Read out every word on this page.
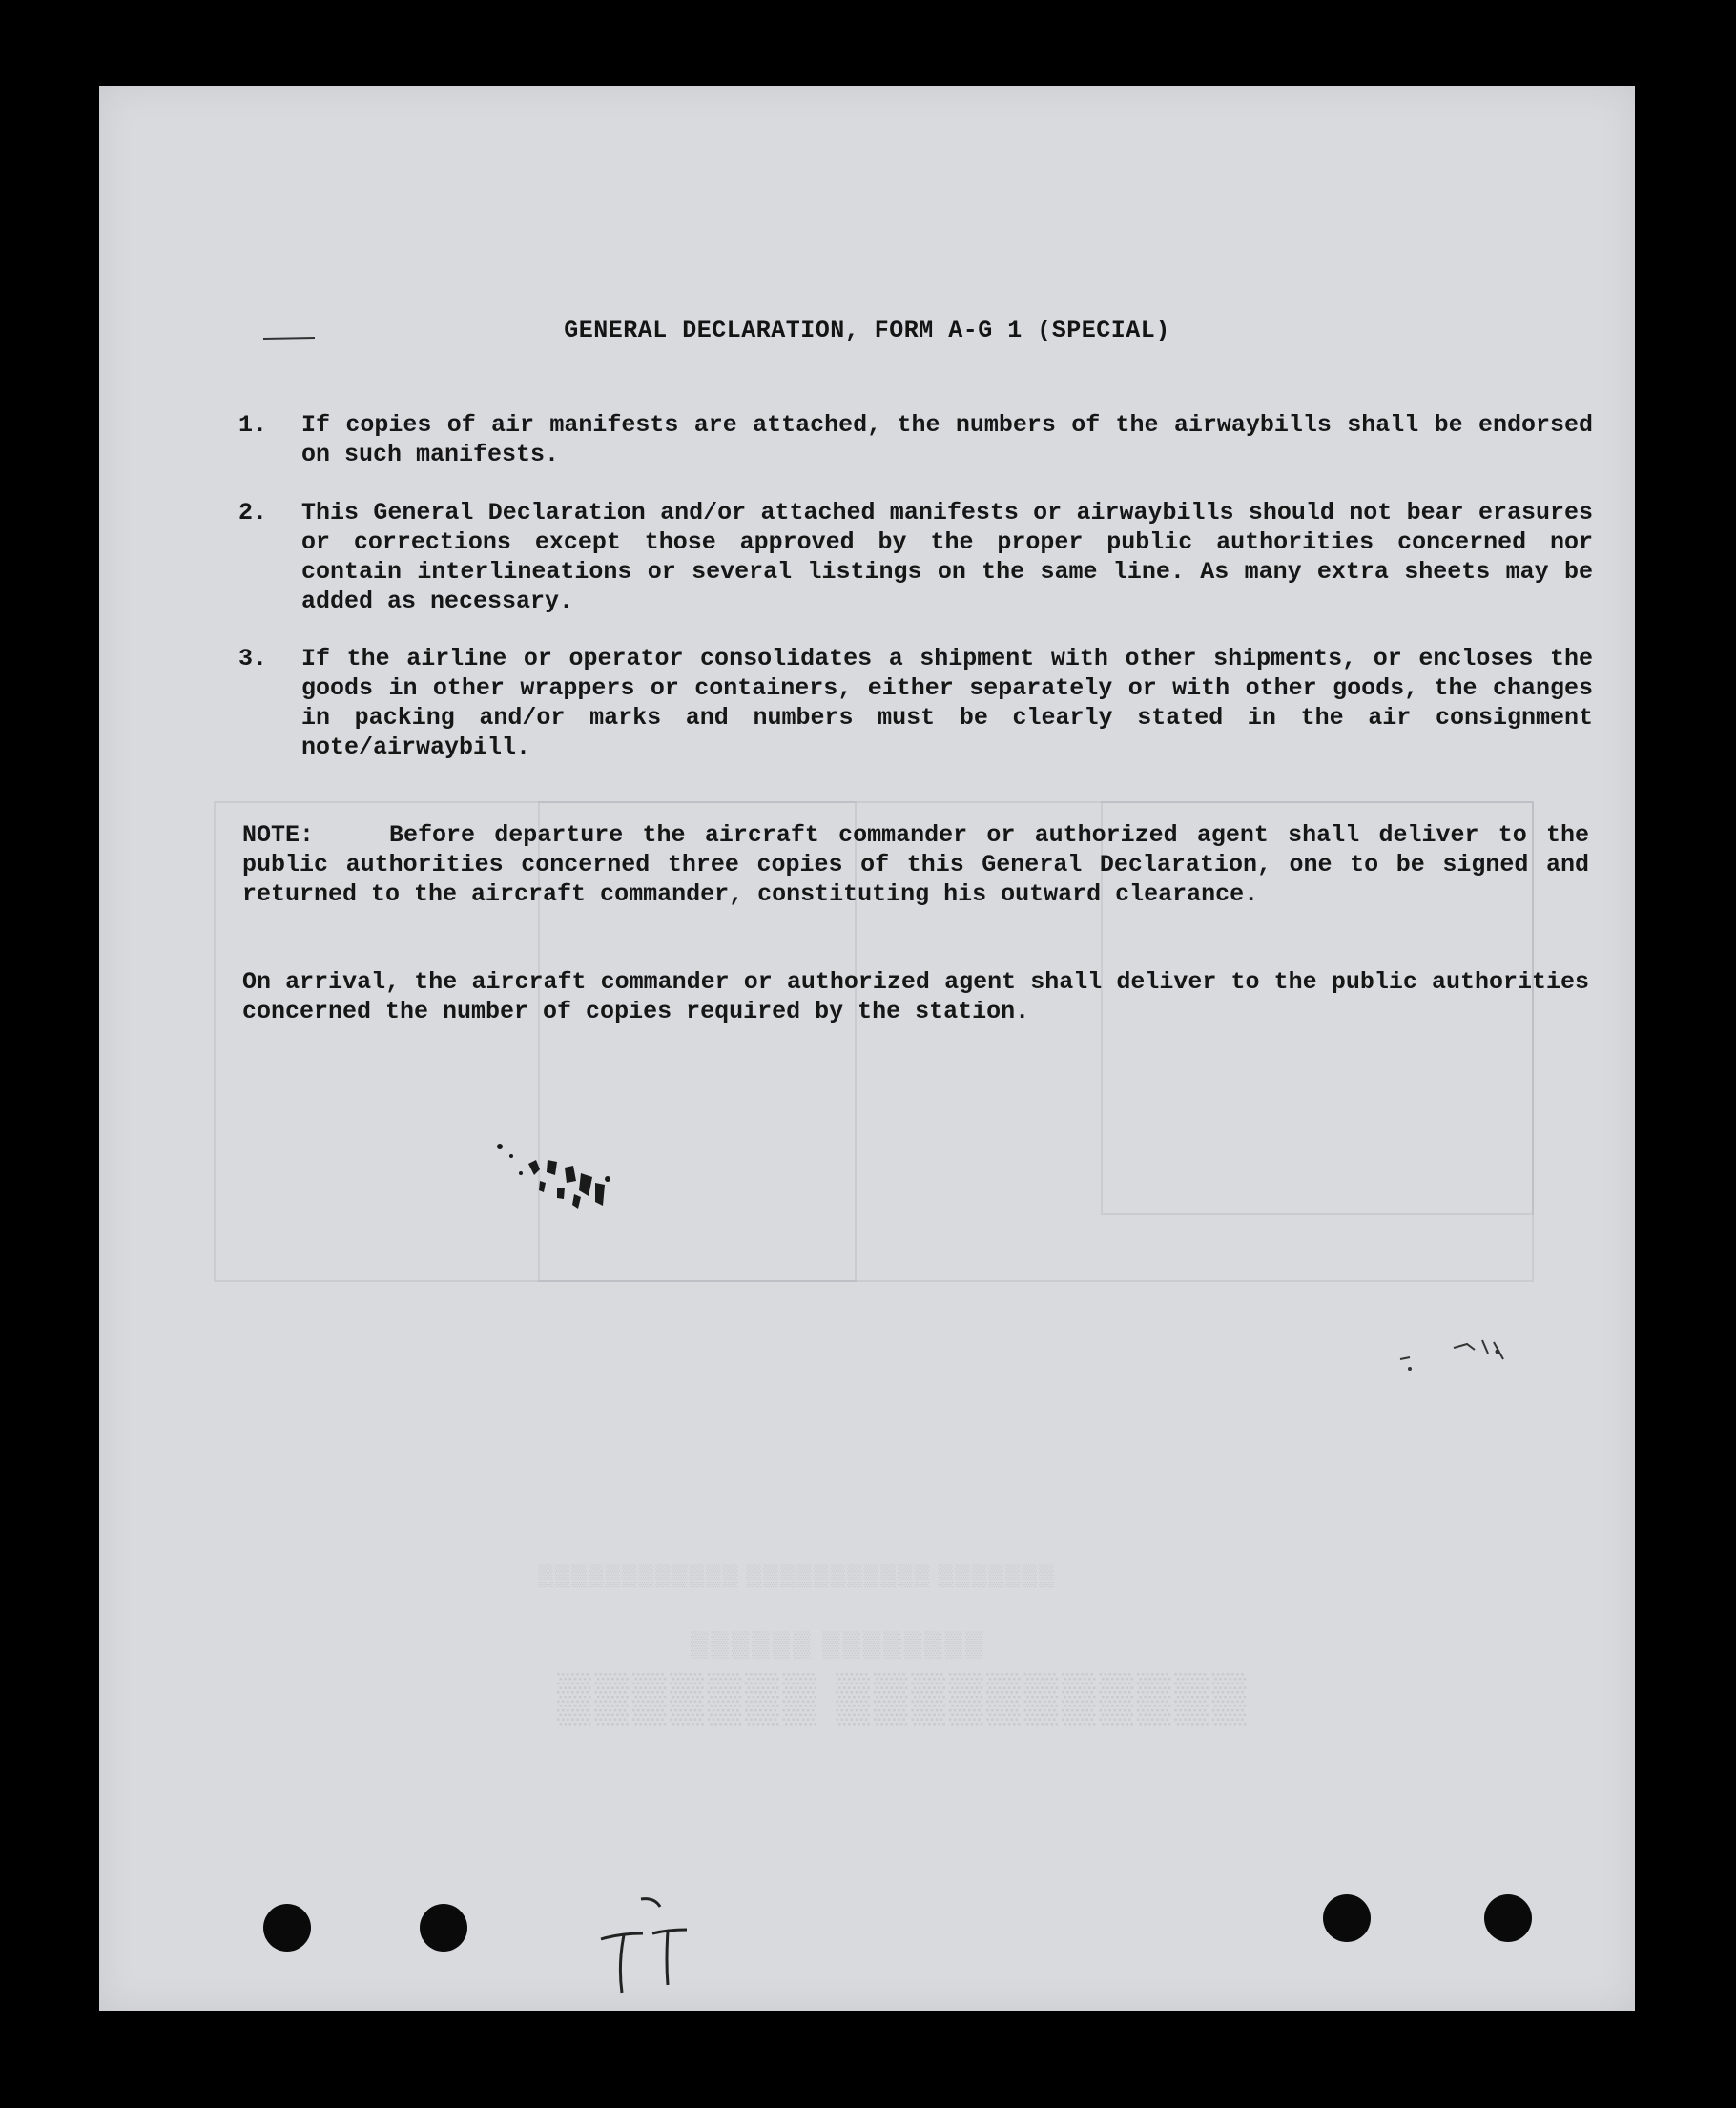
▒▒▒▒▒▒▒ ▒▒▒▒▒▒▒▒▒▒▒
▒▒▒▒▒▒ ▒▒▒▒▒▒▒▒
▒▒▒▒▒▒▒▒▒▒▒▒ ▒▒▒▒▒▒▒▒▒▒▒ ▒▒▒▒▒▒▒
GENERAL DECLARATION, FORM A-G 1 (SPECIAL)
1.	If copies of air manifests are attached, the numbers of the airwaybills shall be endorsed on such manifests.
2.	This General Declaration and/or attached manifests or airwaybills should not bear erasures or corrections except those approved by the proper public authorities concerned nor contain interlineations or several listings on the same line. As many extra sheets may be added as necessary.
3.	If the airline or operator consolidates a shipment with other shipments, or encloses the goods in other wrappers or containers, either separately or with other goods, the changes in packing and/or marks and numbers must be clearly stated in the air consignment note/airwaybill.
NOTE:	Before departure the aircraft commander or authorized agent shall deliver to the public authorities concerned three copies of this General Declaration, one to be signed and returned to the aircraft commander, constituting his outward clearance.
On arrival, the aircraft commander or authorized agent shall deliver to the public authorities concerned the number of copies required by the station.
